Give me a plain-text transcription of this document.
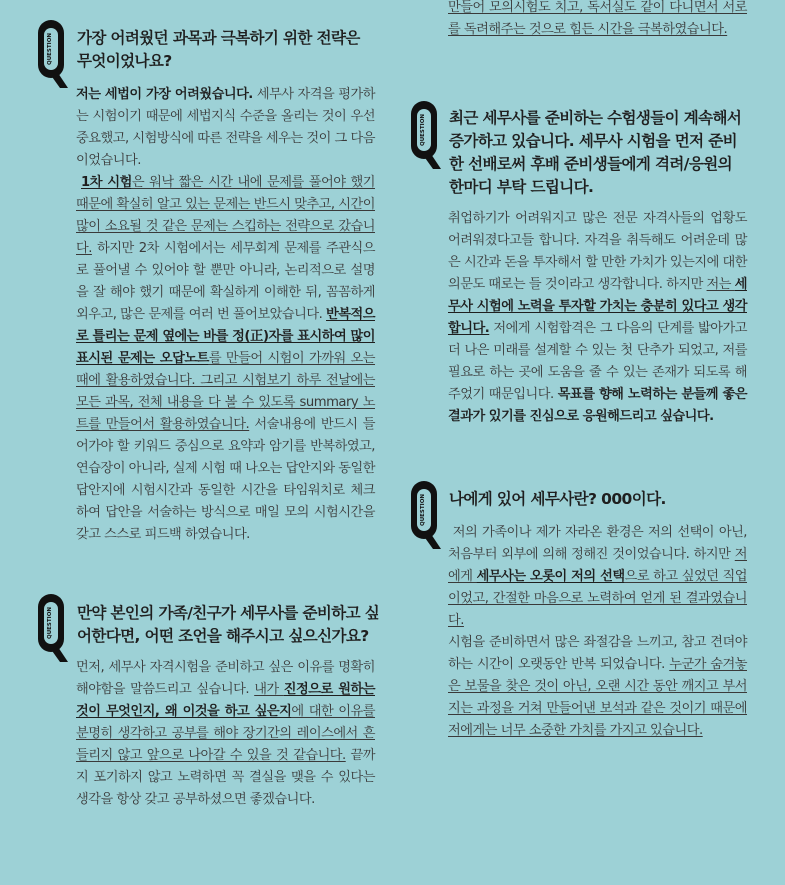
QUESTION 가장 어려웠던 과목과 극복하기 위한 전략은 무엇이었나요?

저는 세법이 가장 어려웠습니다. 세무사 자격을 평가하는 시험이기 때문에 세법지식 수준을 올리는 것이 우선 중요했고, 시험방식에 따른 전략을 세우는 것이 그 다음 이었습니다.

1차 시험은 워낙 짧은 시간 내에 문제를 풀어야 했기 때문에 확실히 알고 있는 문제는 반드시 맞추고, 시간이 많이 소요될 것 같은 문제는 스킵하는 전략으로 갔습니다. 하지만 2차 시험에서는 세무회계 문제를 주관식으로 풀어낼 수 있어야 할 뿐만 아니라, 논리적으로 설명을 잘 해야 했기 때문에 확실하게 이해한 뒤, 꼼꼼하게 외우고, 많은 문제를 여러 번 풀어보았습니다. 반복적으로 틀리는 문제 옆에는 바를 정(正)자를 표시하여 많이 표시된 문제는 오답노트를 만들어 시험이 가까워 오는 때에 활용하였습니다. 그리고 시험보기 하루 전날에는 모든 과목, 전체 내용을 다 볼 수 있도록 summary 노트를 만들어서 활용하였습니다. 서술내용에 반드시 들어가야 할 키워드 중심으로 요약과 암기를 반복하였고, 연습장이 아니라, 실제 시험 때 나오는 답안지와 동일한 답안지에 시험시간과 동일한 시간을 타임워치로 체크하여 답안을 서술하는 방식으로 매일 모의 시험시간을 갖고 스스로 피드백 하였습니다.

QUESTION 만약 본인의 가족/친구가 세무사를 준비하고 싶어한다면, 어떤 조언을 해주시고 싶으신가요?

먼저, 세무사 자격시험을 준비하고 싶은 이유를 명확히 해야함을 말씀드리고 싶습니다. 내가 진정으로 원하는 것이 무엇인지, 왜 이것을 하고 싶은지에 대한 이유를 분명히 생각하고 공부를 해야 장기간의 레이스에서 흔들리지 않고 앞으로 나아갈 수 있을 것 같습니다. 끝까지 포기하지 않고 노력하면 꼭 결실을 맺을 수 있다는 생각을 항상 갖고 공부하셨으면 좋겠습니다.

만들어 모의시험도 치고, 독서실도 같이 다니면서 서로를 독려해주는 것으로 힘든 시간을 극복하였습니다.

QUESTION 최근 세무사를 준비하는 수험생들이 계속해서 증가하고 있습니다. 세무사 시험을 먼저 준비한 선배로써 후배 준비생들에게 격려/응원의 한마디 부탁 드립니다.

취업하기가 어려워지고 많은 전문 자격사들의 업황도 어려워졌다고들 합니다. 자격을 취득해도 어려운데 많은 시간과 돈을 투자해서 할 만한 가치가 있는지에 대한 의문도 때로는 들 것이라고 생각합니다. 하지만 저는 세무사 시험에 노력을 투자할 가치는 충분히 있다고 생각합니다. 저에게 시험합격은 그 다음의 단계를 밟아가고 더 나은 미래를 설계할 수 있는 첫 단추가 되었고, 저를 필요로 하는 곳에 도움을 줄 수 있는 존재가 되도록 해주었기 때문입니다. 목표를 향해 노력하는 분들께 좋은 결과가 있기를 진심으로 응원해드리고 싶습니다.

QUESTION 나에게 있어 세무사란? 000이다.

저의 가족이나 제가 자라온 환경은 저의 선택이 아닌, 처음부터 외부에 의해 정해진 것이었습니다. 하지만 저에게 세무사는 오롯이 저의 선택으로 하고 싶었던 직업이었고, 간절한 마음으로 노력하여 얻게 된 결과였습니다.

시험을 준비하면서 많은 좌절감을 느끼고, 참고 견뎌야 하는 시간이 오랫동안 반복 되었습니다. 누군가 숨겨놓은 보물을 찾은 것이 아닌, 오랜 시간 동안 깨지고 부서지는 과정을 거쳐 만들어낸 보석과 같은 것이기 때문에 저에게는 너무 소중한 가치를 가지고 있습니다.
